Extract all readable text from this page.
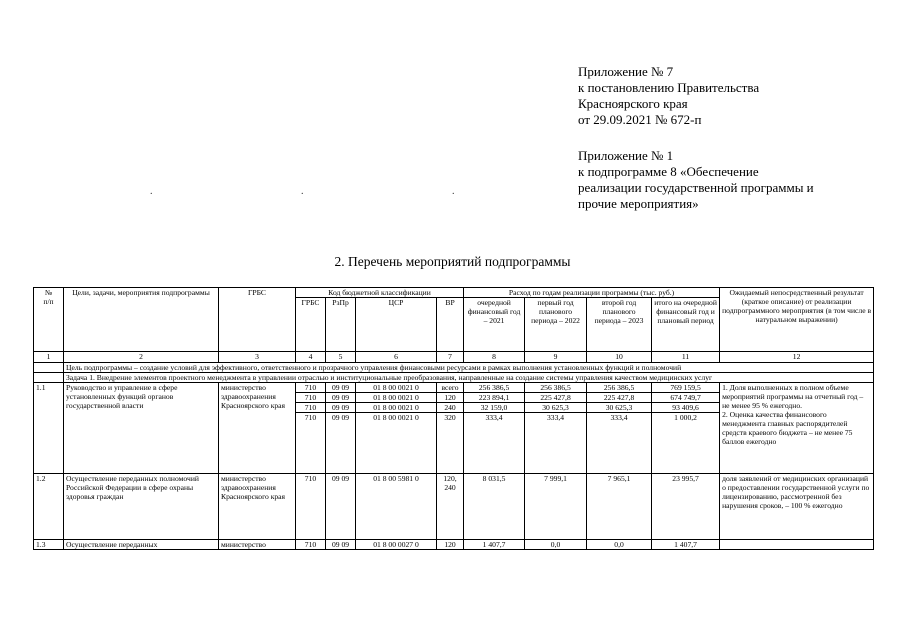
Приложение № 7
к постановлению Правительства
Красноярского края
от 29.09.2021 № 672-п
Приложение № 1
к подпрограмме 8 «Обеспечение
реализации государственной программы и
прочие мероприятия»
.	.	.
2. Перечень мероприятий подпрограммы
№
п/п	Цели, задачи, мероприятия подпрограммы	ГРБС	Код бюджетной классификации				Расход по годам реализации программы (тыс. руб.)				Ожидаемый непосредственный результат (краткое описание) от реализации подпрограммного мероприятия (в том числе в натуральном выражении)
			ГРБС	РзПр	ЦСР	ВР	очередной финансовый год – 2021	первый год планового периода – 2022	второй год планового периода – 2023	итого на очередной финансовый год и плановый период	
1	2	3	4	5	6	7	8	9	10	11	12
	Цель подпрограммы – создание условий для эффективного, ответственного и прозрачного управления финансовыми ресурсами в рамках выполнения установленных функций и полномочий										
	Задача 1. Внедрение элементов проектного менеджмента в управлении отраслью и институциональные преобразования, направленные на создание системы управления качеством медицинских услуг										
1.1	Руководство и управление в сфере установленных функций органов государственной власти	министерство здравоохранения Красноярского края	710	09 09	01 8 00 0021 0	всего	256 386,5	256 386,5	256 386,5	769 159,5	1. Доля выполненных в полном объеме мероприятий программы на отчетный год – не менее 95 % ежегодно.
2. Оценка качества финансового менеджмента главных распорядителей средств краевого бюджета – не менее 75 баллов ежегодно
			710	09 09	01 8 00 0021 0	120	223 894,1	225 427,8	225 427,8	674 749,7	
			710	09 09	01 8 00 0021 0	240	32 159,0	30 625,3	30 625,3	93 409,6	
			710	09 09	01 8 00 0021 0	320	333,4	333,4	333,4	1 000,2	
1.2	Осуществление переданных полномочий Российской Федерации в сфере охраны здоровья граждан	министерство здравоохранения Красноярского края	710	09 09	01 8 00 5981 0	120, 240	8 031,5	7 999,1	7 965,1	23 995,7	доля заявлений от медицинских организаций о предоставлении государственной услуги по лицензированию, рассмотренной без нарушения сроков, – 100 % ежегодно
1.3	Осуществление переданных	министерство	710	09 09	01 8 00 0027 0	120	1 407,7	0,0	0,0	1 407,7	
